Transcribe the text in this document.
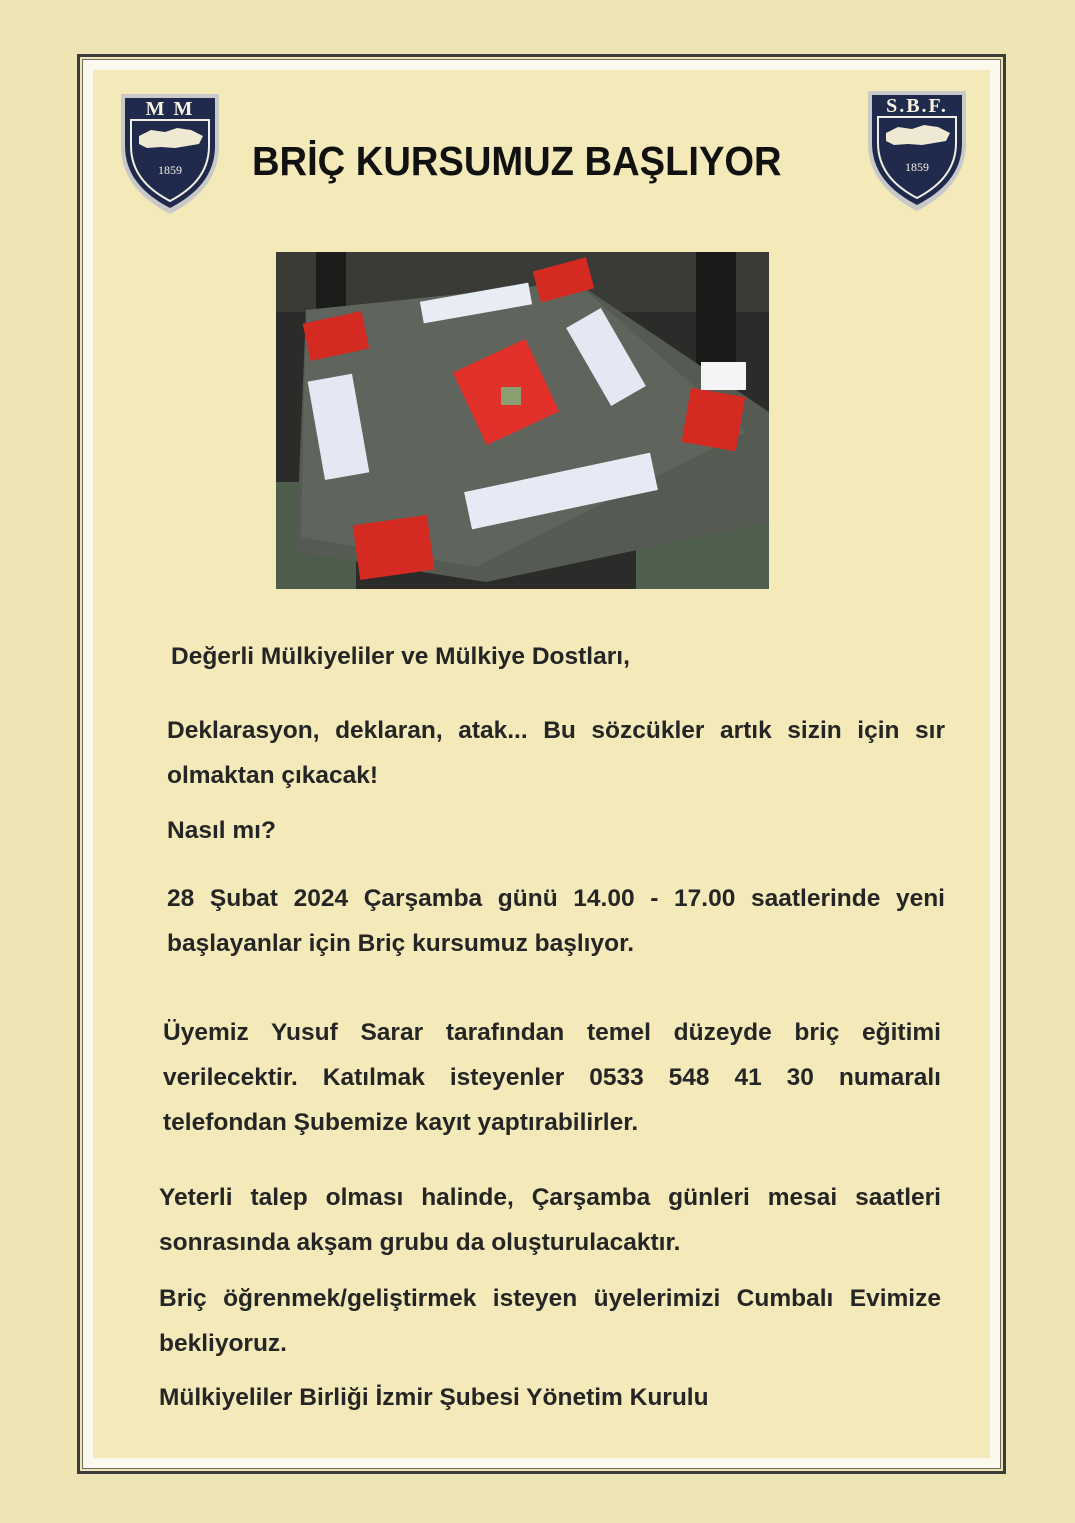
M M
1859
S.B.F.
1859
BRİÇ KURSUMUZ BAŞLIYOR
Değerli Mülkiyeliler ve Mülkiye Dostları,
Deklarasyon, deklaran, atak... Bu sözcükler artık sizin için sır olmaktan çıkacak!
Nasıl mı?
28 Şubat 2024 Çarşamba günü 14.00 - 17.00 saatlerinde yeni başlayanlar için Briç kursumuz başlıyor.
Üyemiz Yusuf Sarar tarafından temel düzeyde briç eğitimi verilecektir. Katılmak isteyenler 0533 548 41 30 numaralı telefondan Şubemize kayıt yaptırabilirler.
Yeterli talep olması halinde, Çarşamba günleri mesai saatleri sonrasında akşam grubu da oluşturulacaktır.
Briç öğrenmek/geliştirmek isteyen üyelerimizi Cumbalı Evimize bekliyoruz.
Mülkiyeliler Birliği İzmir Şubesi Yönetim Kurulu
